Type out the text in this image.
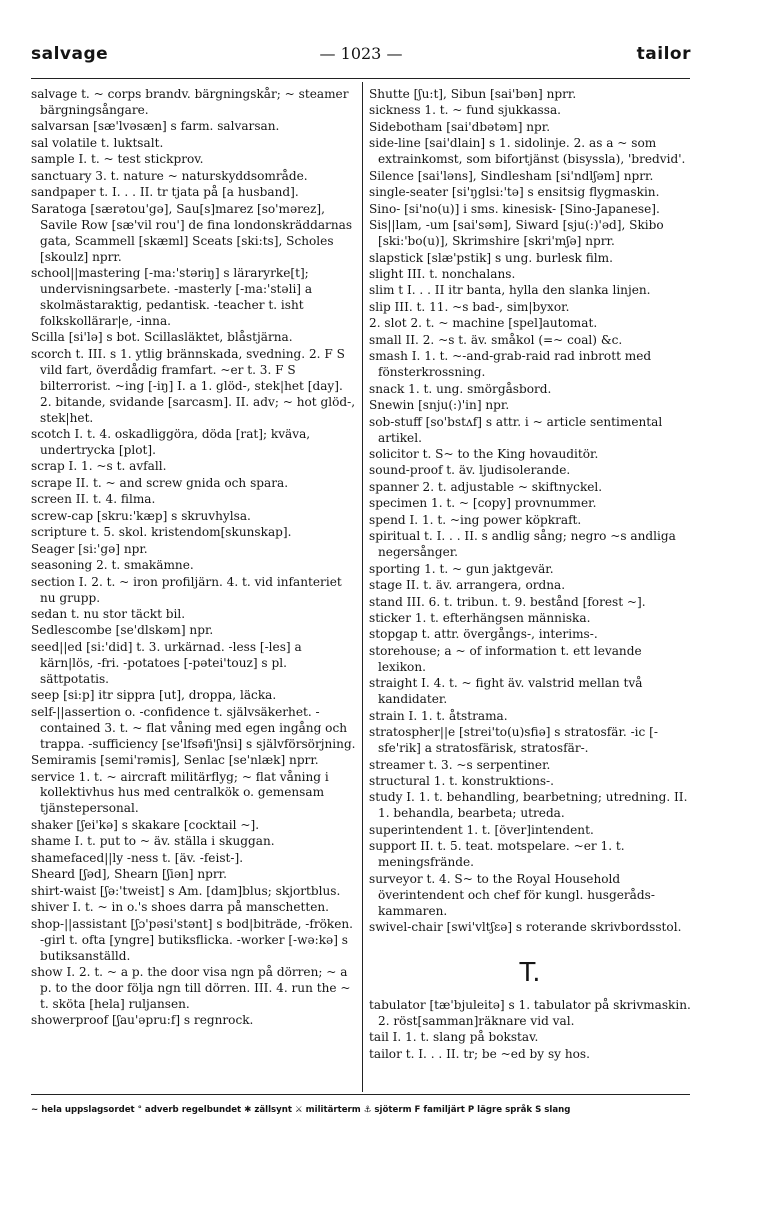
salvage	— 1023 —	tailor
salvage t. ~ corps brandv. bärgningskår; ~ steamer bärgningsångare.
salvarsan [sæ'lvəsæn] s farm. salvarsan.
sal volatile t. luktsalt.
sample I. t. ~ test stickprov.
sanctuary 3. t. nature ~ naturskyddsområde.
sandpaper t. I. . . II. tr tjata på [a husband].
Saratoga [særətou'gə], Sau[s]marez [so'mərez], Savile Row [sæ'vil rou'] de fina londonskräddarnas gata, Scammell [skæml] Sceats [ski:ts], Scholes [skoulz] nprr.
school||mastering [-ma:'stəriŋ] s läraryrke[t]; undervisningsarbete. -masterly [-ma:'stəli] a skolmästaraktig, pedantisk. -teacher t. isht folkskollärar|e, -inna.
Scilla [si'lə] s bot. Scillasläktet, blåstjärna.
scorch t. III. s 1. ytlig brännskada, svedning. 2. F S vild fart, överdådig framfart. ~er t. 3. F S bilterrorist. ~ing [-iŋ] I. a 1. glöd-, stek|het [day]. 2. bitande, svidande [sarcasm]. II. adv; ~ hot glöd-, stek|het.
scotch I. t. 4. oskadliggöra, döda [rat]; kväva, undertrycka [plot].
scrap I. 1. ~s t. avfall.
scrape II. t. ~ and screw gnida och spara.
screen II. t. 4. filma.
screw-cap [skru:'kæp] s skruvhylsa.
scripture t. 5. skol. kristendom[skunskap].
Seager [si:'gə] npr.
seasoning 2. t. smakämne.
section I. 2. t. ~ iron profiljärn. 4. t. vid infanteriet nu grupp.
sedan t. nu stor täckt bil.
Sedlescombe [se'dlskəm] npr.
seed||ed [si:'did] t. 3. urkärnad. -less [-les] a kärn|lös, -fri. -potatoes [-pətei'touz] s pl. sättpotatis.
seep [si:p] itr sippra [ut], droppa, läcka.
self-||assertion o. -confidence t. självsäkerhet. -contained 3. t. ~ flat våning med egen ingång och trappa. -sufficiency [se'lfsəfi'ʃnsi] s självförsörjning.
Semiramis [semi'rəmis], Senlac [se'nlæk] nprr.
service 1. t. ~ aircraft militärflyg; ~ flat våning i kollektivhus hus med centralkök o. gemensam tjänstepersonal.
shaker [ʃei'kə] s skakare [cocktail ~].
shame I. t. put to ~ äv. ställa i skuggan.
shamefaced||ly -ness t. [äv. -feist-].
Sheard [ʃəd], Shearn [ʃiən] nprr.
shirt-waist [ʃə:'tweist] s Am. [dam]blus; skjortblus.
shiver I. t. ~ in o.'s shoes darra på manschetten.
shop-||assistant [ʃɔ'pəsi'stənt] s bod|biträde, -fröken. -girl t. ofta [yngre] butiksflicka. -worker [-wə:kə] s butiksanställd.
show I. 2. t. ~ a p. the door visa ngn på dörren; ~ a p. to the door följa ngn till dörren. III. 4. run the ~ t. sköta [hela] ruljansen.
showerproof [ʃau'əpru:f] s regnrock.
Shutte [ʃu:t], Sibun [sai'bən] nprr.
sickness 1. t. ~ fund sjukkassa.
Sidebotham [sai'dbətəm] npr.
side-line [sai'dlain] s 1. sidolinje. 2. as a ~ som extrainkomst, som bifortjänst (bisyssla), 'bredvid'.
Silence [sai'ləns], Sindlesham [si'ndlʃəm] nprr.
single-seater [si'ŋglsi:'tə] s ensitsig flygmaskin.
Sino- [si'no(u)] i sms. kinesisk- [Sino-Japanese].
Sis||lam, -um [sai'səm], Siward [sju(:)'əd], Skibo [ski:'bo(u)], Skrimshire [skri'mʃə] nprr.
slapstick [slæ'pstik] s ung. burlesk film.
slight III. t. nonchalans.
slim t I. . . II itr banta, hylla den slanka linjen.
slip III. t. 11. ~s bad-, sim|byxor.
2. slot 2. t. ~ machine [spel]automat.
small II. 2. ~s t. äv. småkol (=~ coal) &c.
smash I. 1. t. ~-and-grab-raid rad inbrott med fönsterkrossning.
snack 1. t. ung. smörgåsbord.
Snewin [snju(:)'in] npr.
sob-stuff [so'bstʌf] s attr. i ~ article sentimental artikel.
solicitor t. S~ to the King hovauditör.
sound-proof t. äv. ljudisolerande.
spanner 2. t. adjustable ~ skiftnyckel.
specimen 1. t. ~ [copy] provnummer.
spend I. 1. t. ~ing power köpkraft.
spiritual t. I. . . II. s andlig sång; negro ~s andliga negersånger.
sporting 1. t. ~ gun jaktgevär.
stage II. t. äv. arrangera, ordna.
stand III. 6. t. tribun. t. 9. bestånd [forest ~].
sticker 1. t. efterhängsen människa.
stopgap t. attr. övergångs-, interims-.
storehouse; a ~ of information t. ett levande lexikon.
straight I. 4. t. ~ fight äv. valstrid mellan två kandidater.
strain I. 1. t. åtstrama.
stratospher||e [strei'to(u)sfiə] s stratosfär. -ic [-sfe'rik] a stratosfärisk, stratosfär-.
streamer t. 3. ~s serpentiner.
structural 1. t. konstruktions-.
study I. 1. t. behandling, bearbetning; utredning. II. 1. behandla, bearbeta; utreda.
superintendent 1. t. [över]intendent.
support II. t. 5. teat. motspelare. ~er 1. t. meningsfrände.
surveyor t. 4. S~ to the Royal Household överintendent och chef för kungl. husgeråds-kammaren.
swivel-chair [swi'vltʃɛə] s roterande skrivbordsstol.
T.
tabulator [tæ'bjuleitə] s 1. tabulator på skrivmaskin. 2. röst[samman]räknare vid val.
tail I. 1. t. slang på bokstav.
tailor t. I. . . II. tr; be ~ed by sy hos.
~ hela uppslagsordet ° adverb regelbundet ✱ zällsynt ⚔ militärterm ⚓ sjöterm F familjärt P lägre språk S slang
